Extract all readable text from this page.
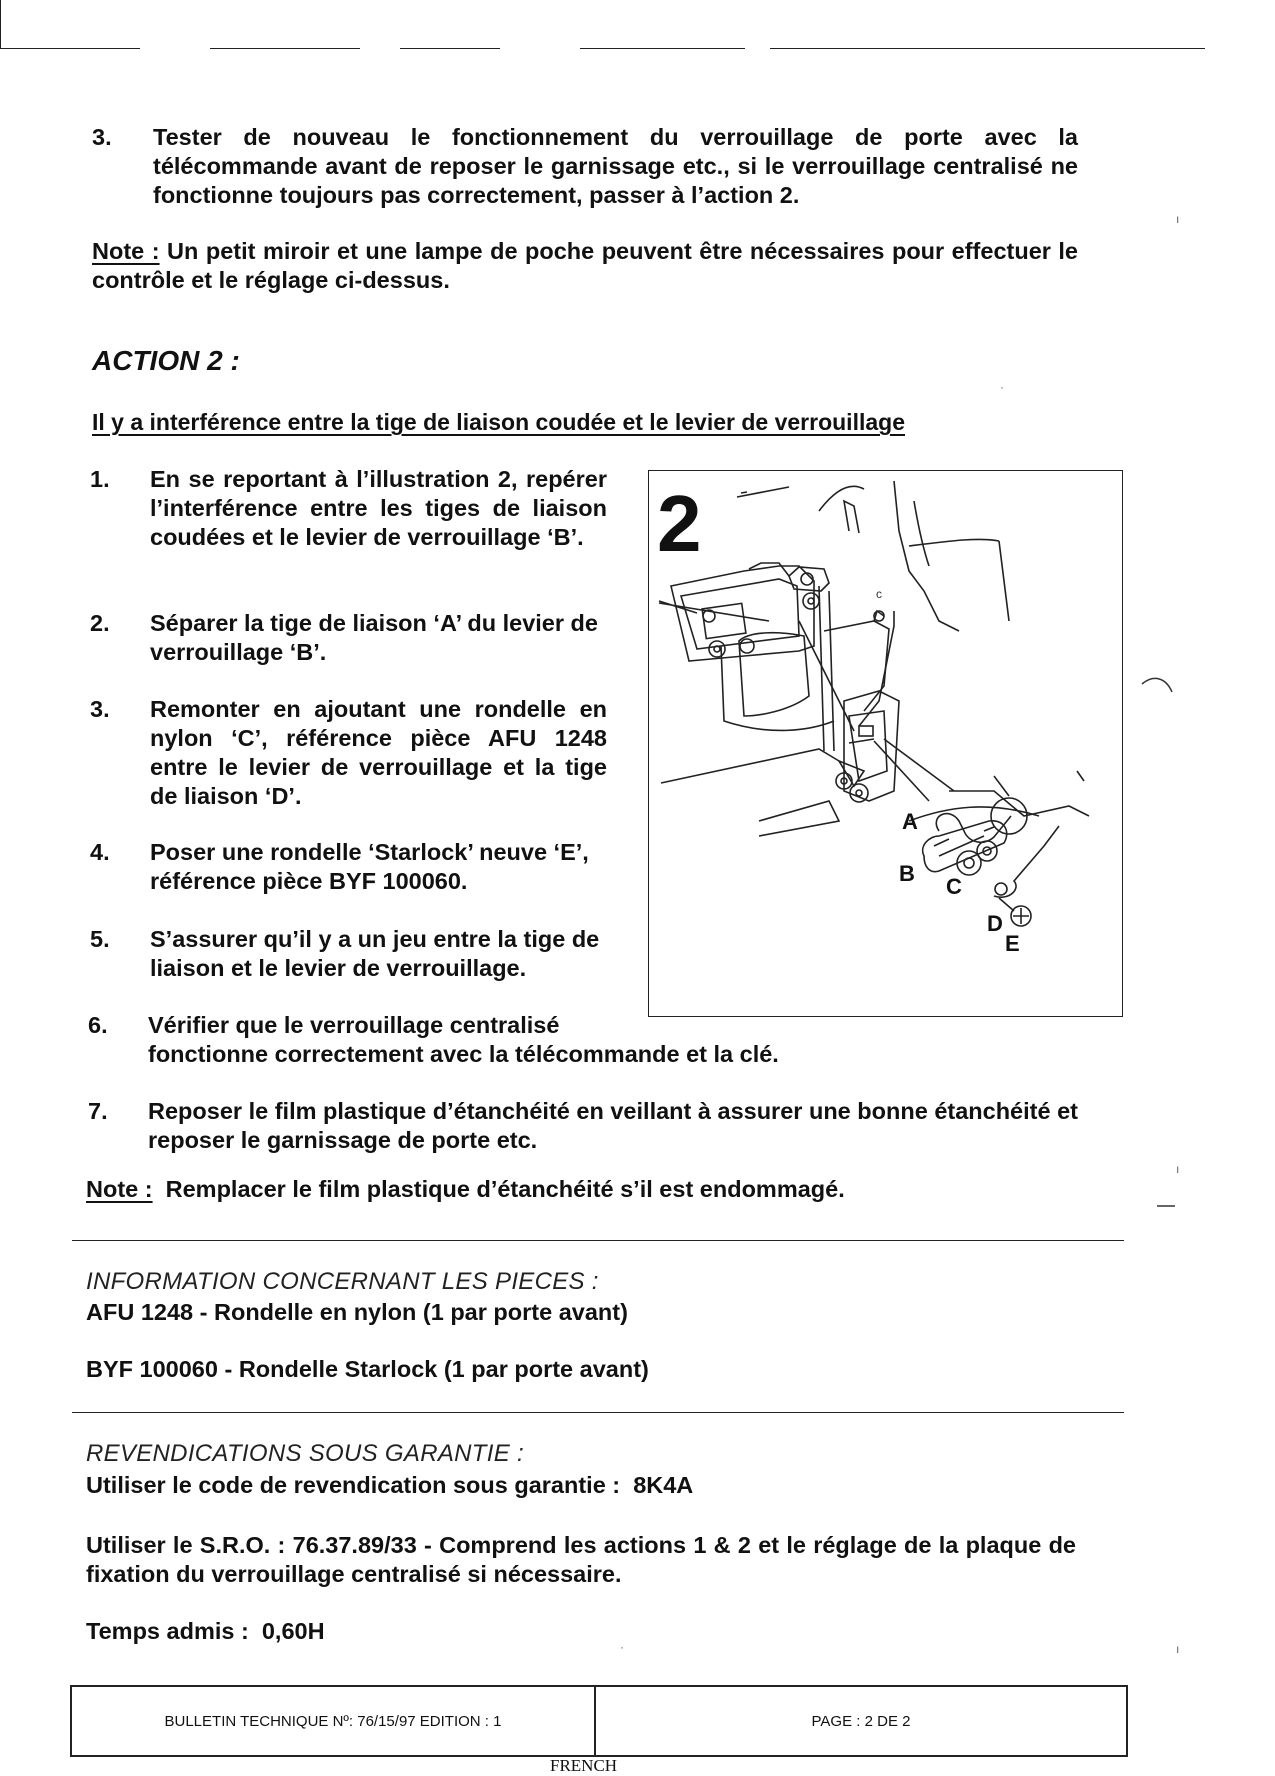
ı
·
ı
ı
·
3. Tester de nouveau le fonctionnement du verrouillage de porte avec la télécommande avant de reposer le garnissage etc., si le verrouillage centralisé ne fonctionne toujours pas correctement, passer à l’action 2.
Note : Un petit miroir et une lampe de poche peuvent être nécessaires pour effectuer le contrôle et le réglage ci-dessus.
ACTION 2 :
Il y a interférence entre la tige de liaison coudée et le levier de verrouillage
1. En se reportant à l’illustration 2, repérer l’interférence entre les tiges de liaison coudées et le levier de verrouillage ‘B’.
2. Séparer la tige de liaison ‘A’ du levier de verrouillage ‘B’.
3. Remonter en ajoutant une rondelle en nylon ‘C’, référence pièce AFU 1248 entre le levier de verrouillage et la tige de liaison ‘D’.
4. Poser une rondelle ‘Starlock’ neuve ‘E’, référence pièce BYF 100060.
5. S’assurer qu’il y a un jeu entre la tige de liaison et le levier de verrouillage.
6. Vérifier que le verrouillage centralisé
fonctionne correctement avec la télécommande et la clé.
7. Reposer le film plastique d’étanchéité en veillant à assurer une bonne étanchéité et reposer le garnissage de porte etc.
Note : Remplacer le film plastique d’étanchéité s’il est endommagé.
2
A
B
C
D
E
c
INFORMATION CONCERNANT LES PIECES :
AFU 1248 - Rondelle en nylon (1 par porte avant)
BYF 100060 - Rondelle Starlock (1 par porte avant)
REVENDICATIONS SOUS GARANTIE :
Utiliser le code de revendication sous garantie :  8K4A
Utiliser le S.R.O. : 76.37.89/33 - Comprend les actions 1 & 2 et le réglage de la plaque de fixation du verrouillage centralisé si nécessaire.
Temps admis :  0,60H
BULLETIN TECHNIQUE Nº: 76/15/97 EDITION : 1	PAGE : 2 DE 2
FRENCH
